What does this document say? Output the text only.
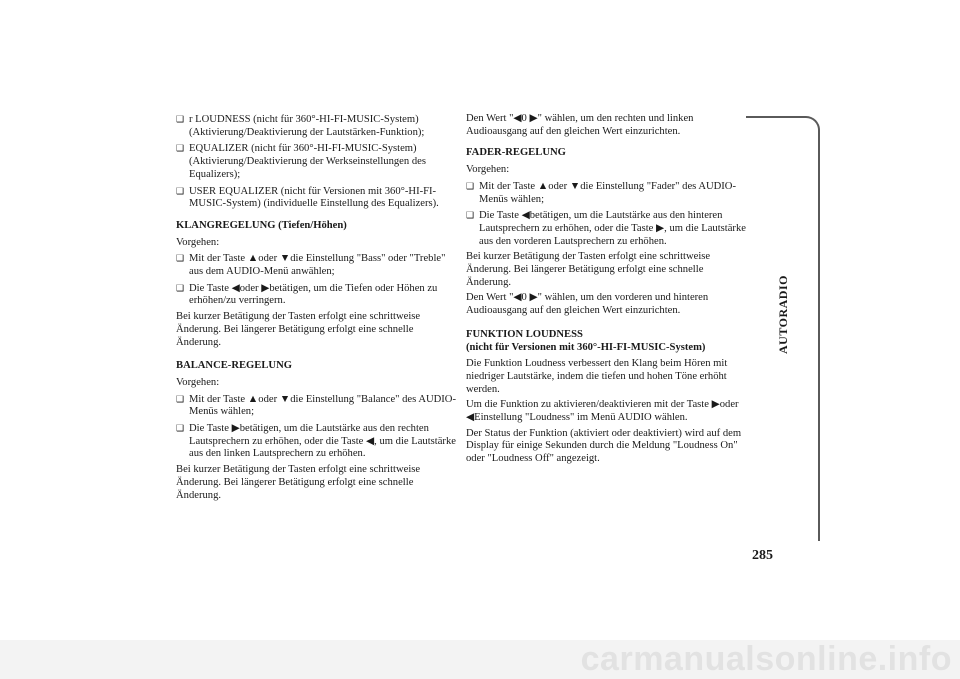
❑ r LOUDNESS (nicht für 360°-HI-FI-MUSIC-System) (Aktivierung/Deaktivierung der Lautstärken-Funktion);
❑ EQUALIZER (nicht für 360°-HI-FI-MUSIC-System) (Aktivierung/Deaktivierung der Werkseinstellungen des Equalizers);
❑ USER EQUALIZER (nicht für Versionen mit 360°-HI-FI-MUSIC-System) (individuelle Einstellung des Equalizers).
KLANGREGELUNG (Tiefen/Höhen)
Vorgehen:
❑ Mit der Taste ▲oder ▼die Einstellung "Bass" oder "Treble" aus dem AUDIO-Menü anwählen;
❑ Die Taste ◀oder ▶betätigen, um die Tiefen oder Höhen zu erhöhen/zu verringern.
Bei kurzer Betätigung der Tasten erfolgt eine schrittweise Änderung. Bei längerer Betätigung erfolgt eine schnelle Änderung.
BALANCE-REGELUNG
Vorgehen:
❑ Mit der Taste ▲oder ▼die Einstellung "Balance" des AUDIO-Menüs wählen;
❑ Die Taste ▶betätigen, um die Lautstärke aus den rechten Lautsprechern zu erhöhen, oder die Taste ◀, um die Lautstärke aus den linken Lautsprechern zu erhöhen.
Bei kurzer Betätigung der Tasten erfolgt eine schrittweise Änderung. Bei längerer Betätigung erfolgt eine schnelle Änderung.
Den Wert "◀0 ▶" wählen, um den rechten und linken Audioausgang auf den gleichen Wert einzurichten.
FADER-REGELUNG
Vorgehen:
❑ Mit der Taste ▲oder ▼die Einstellung "Fader" des AUDIO-Menüs wählen;
❑ Die Taste ◀betätigen, um die Lautstärke aus den hinteren Lautsprechern zu erhöhen, oder die Taste ▶, um die Lautstärke aus den vorderen Lautsprechern zu erhöhen.
Bei kurzer Betätigung der Tasten erfolgt eine schrittweise Änderung. Bei längerer Betätigung erfolgt eine schnelle Änderung.
Den Wert "◀0 ▶" wählen, um den vorderen und hinteren Audioausgang auf den gleichen Wert einzurichten.
FUNKTION LOUDNESS
(nicht für Versionen mit 360°-HI-FI-MUSIC-System)
Die Funktion Loudness verbessert den Klang beim Hören mit niedriger Lautstärke, indem die tiefen und hohen Töne erhöht werden.
Um die Funktion zu aktivieren/deaktivieren mit der Taste ▶oder ◀Einstellung "Loudness" im Menü AUDIO wählen.
Der Status der Funktion (aktiviert oder deaktiviert) wird auf dem Display für einige Sekunden durch die Meldung "Loudness On" oder "Loudness Off" angezeigt.
AUTORADIO
285
carmanualsonline.info
